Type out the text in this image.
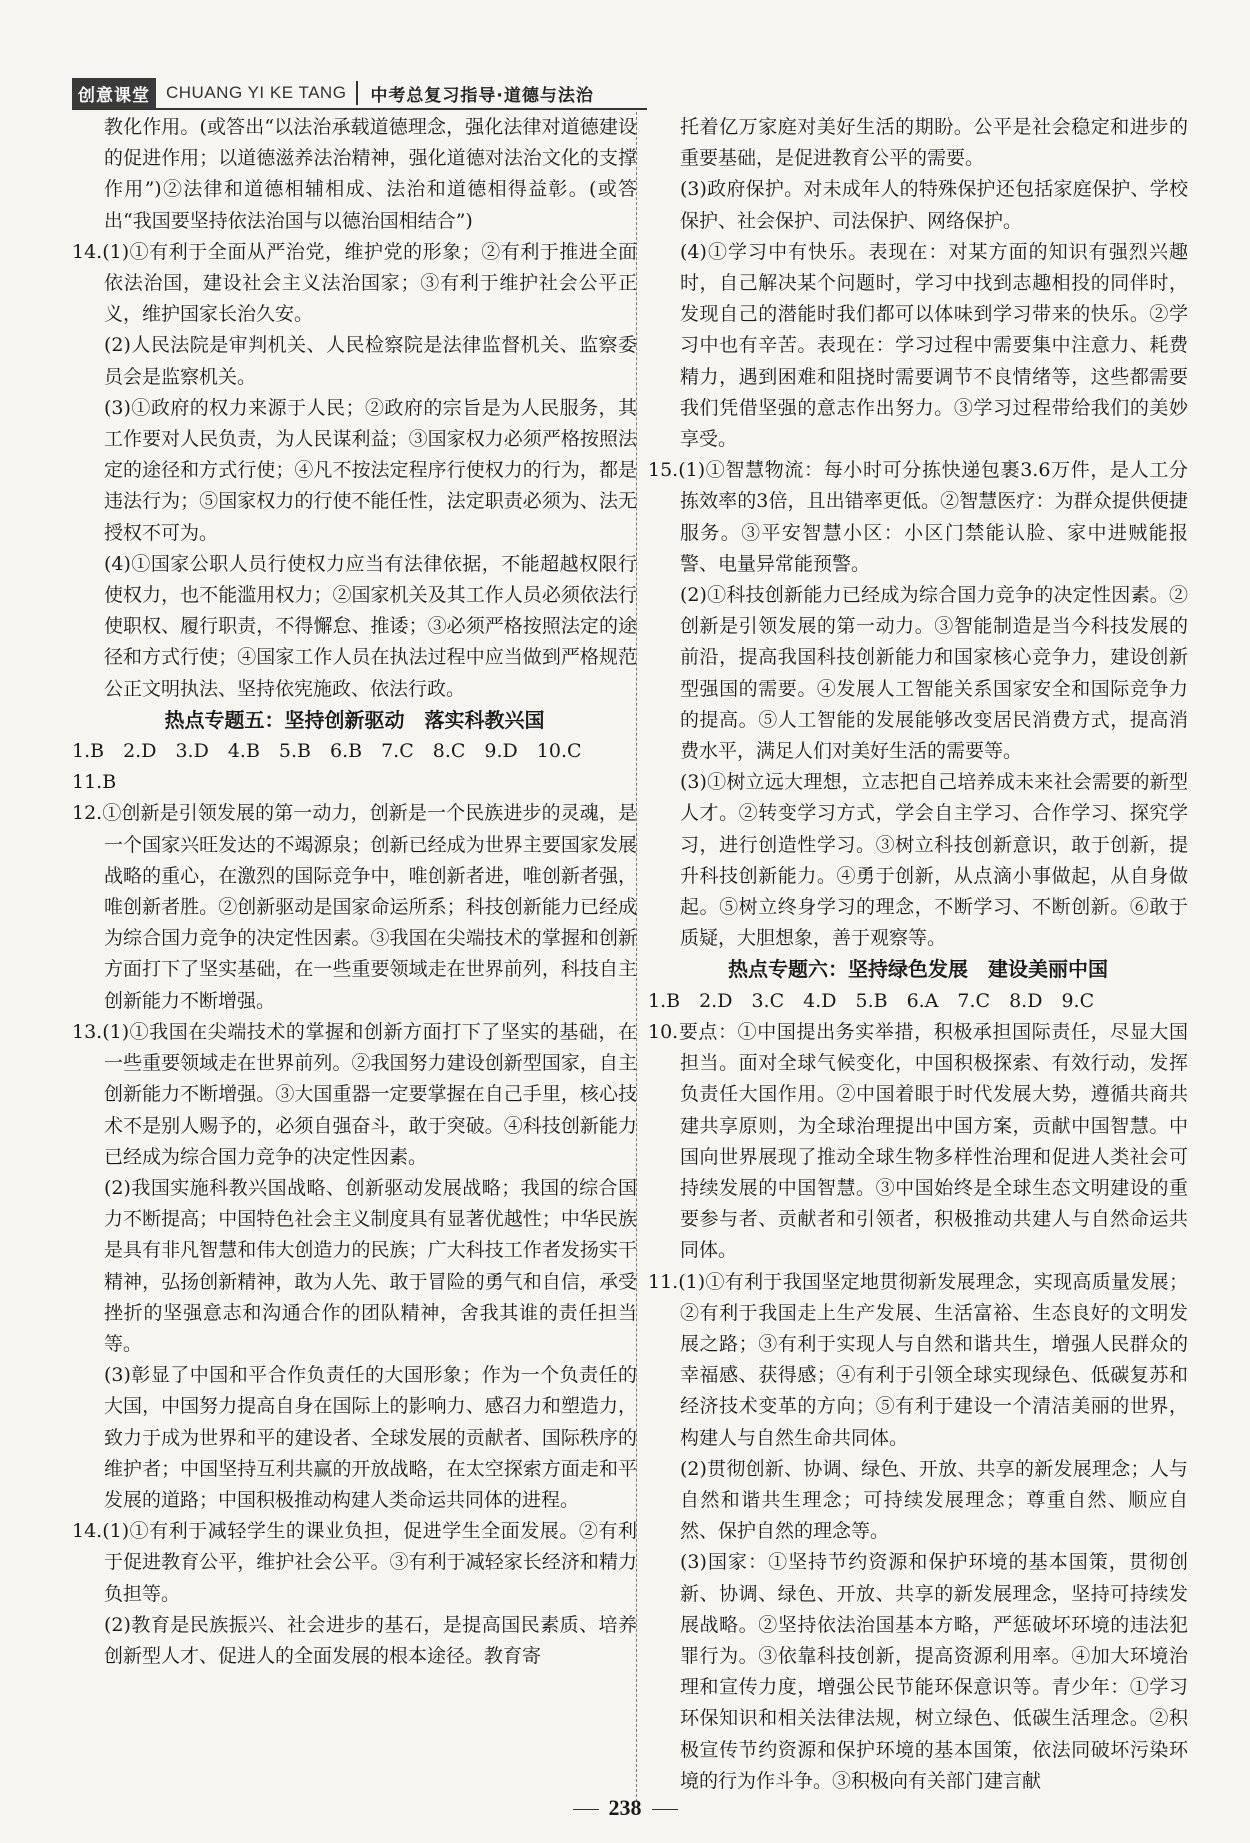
创意课堂 CHUANG YI KE TANG	中考总复习指导·道德与法治

教化作用。(或答出“以法治承载道德理念，强化法律对道德建设的促进作用；以道德滋养法治精神，强化道德对法治文化的支撑作用”)②法律和道德相辅相成、法治和道德相得益彰。(或答出“我国要坚持依法治国与以德治国相结合”)

14.(1)①有利于全面从严治党，维护党的形象；②有利于推进全面依法治国，建设社会主义法治国家；③有利于维护社会公平正义，维护国家长治久安。

(2)人民法院是审判机关、人民检察院是法律监督机关、监察委员会是监察机关。

(3)①政府的权力来源于人民；②政府的宗旨是为人民服务，其工作要对人民负责，为人民谋利益；③国家权力必须严格按照法定的途径和方式行使；④凡不按法定程序行使权力的行为，都是违法行为；⑤国家权力的行使不能任性，法定职责必须为、法无授权不可为。

(4)①国家公职人员行使权力应当有法律依据，不能超越权限行使权力，也不能滥用权力；②国家机关及其工作人员必须依法行使职权、履行职责，不得懈怠、推诿；③必须严格按照法定的途径和方式行使；④国家工作人员在执法过程中应当做到严格规范公正文明执法、坚持依宪施政、依法行政。

热点专题五：坚持创新驱动　落实科教兴国

1.B　2.D　3.D　4.B　5.B　6.B　7.C　8.C　9.D　10.C

11.B

12.①创新是引领发展的第一动力，创新是一个民族进步的灵魂，是一个国家兴旺发达的不竭源泉；创新已经成为世界主要国家发展战略的重心，在激烈的国际竞争中，唯创新者进，唯创新者强，唯创新者胜。②创新驱动是国家命运所系；科技创新能力已经成为综合国力竞争的决定性因素。③我国在尖端技术的掌握和创新方面打下了坚实基础，在一些重要领域走在世界前列，科技自主创新能力不断增强。

13.(1)①我国在尖端技术的掌握和创新方面打下了坚实的基础，在一些重要领域走在世界前列。②我国努力建设创新型国家，自主创新能力不断增强。③大国重器一定要掌握在自己手里，核心技术不是别人赐予的，必须自强奋斗，敢于突破。④科技创新能力已经成为综合国力竞争的决定性因素。

(2)我国实施科教兴国战略、创新驱动发展战略；我国的综合国力不断提高；中国特色社会主义制度具有显著优越性；中华民族是具有非凡智慧和伟大创造力的民族；广大科技工作者发扬实干精神，弘扬创新精神，敢为人先、敢于冒险的勇气和自信，承受挫折的坚强意志和沟通合作的团队精神，舍我其谁的责任担当等。

(3)彰显了中国和平合作负责任的大国形象；作为一个负责任的大国，中国努力提高自身在国际上的影响力、感召力和塑造力，致力于成为世界和平的建设者、全球发展的贡献者、国际秩序的维护者；中国坚持互利共赢的开放战略，在太空探索方面走和平发展的道路；中国积极推动构建人类命运共同体的进程。

14.(1)①有利于减轻学生的课业负担，促进学生全面发展。②有利于促进教育公平，维护社会公平。③有利于减轻家长经济和精力负担等。

(2)教育是民族振兴、社会进步的基石，是提高国民素质、培养创新型人才、促进人的全面发展的根本途径。教育寄

托着亿万家庭对美好生活的期盼。公平是社会稳定和进步的重要基础，是促进教育公平的需要。

(3)政府保护。对未成年人的特殊保护还包括家庭保护、学校保护、社会保护、司法保护、网络保护。

(4)①学习中有快乐。表现在：对某方面的知识有强烈兴趣时，自己解决某个问题时，学习中找到志趣相投的同伴时，发现自己的潜能时我们都可以体味到学习带来的快乐。②学习中也有辛苦。表现在：学习过程中需要集中注意力、耗费精力，遇到困难和阻挠时需要调节不良情绪等，这些都需要我们凭借坚强的意志作出努力。③学习过程带给我们的美妙享受。

15.(1)①智慧物流：每小时可分拣快递包裹3.6万件，是人工分拣效率的3倍，且出错率更低。②智慧医疗：为群众提供便捷服务。③平安智慧小区：小区门禁能认脸、家中进贼能报警、电量异常能预警。

(2)①科技创新能力已经成为综合国力竞争的决定性因素。②创新是引领发展的第一动力。③智能制造是当今科技发展的前沿，提高我国科技创新能力和国家核心竞争力，建设创新型强国的需要。④发展人工智能关系国家安全和国际竞争力的提高。⑤人工智能的发展能够改变居民消费方式，提高消费水平，满足人们对美好生活的需要等。

(3)①树立远大理想，立志把自己培养成未来社会需要的新型人才。②转变学习方式，学会自主学习、合作学习、探究学习，进行创造性学习。③树立科技创新意识，敢于创新，提升科技创新能力。④勇于创新，从点滴小事做起，从自身做起。⑤树立终身学习的理念，不断学习、不断创新。⑥敢于质疑，大胆想象，善于观察等。

热点专题六：坚持绿色发展　建设美丽中国

1.B　2.D　3.C　4.D　5.B　6.A　7.C　8.D　9.C

10.要点：①中国提出务实举措，积极承担国际责任，尽显大国担当。面对全球气候变化，中国积极探索、有效行动，发挥负责任大国作用。②中国着眼于时代发展大势，遵循共商共建共享原则，为全球治理提出中国方案，贡献中国智慧。中国向世界展现了推动全球生物多样性治理和促进人类社会可持续发展的中国智慧。③中国始终是全球生态文明建设的重要参与者、贡献者和引领者，积极推动共建人与自然命运共同体。

11.(1)①有利于我国坚定地贯彻新发展理念，实现高质量发展；②有利于我国走上生产发展、生活富裕、生态良好的文明发展之路；③有利于实现人与自然和谐共生，增强人民群众的幸福感、获得感；④有利于引领全球实现绿色、低碳复苏和经济技术变革的方向；⑤有利于建设一个清洁美丽的世界，构建人与自然生命共同体。

(2)贯彻创新、协调、绿色、开放、共享的新发展理念；人与自然和谐共生理念；可持续发展理念；尊重自然、顺应自然、保护自然的理念等。

(3)国家：①坚持节约资源和保护环境的基本国策，贯彻创新、协调、绿色、开放、共享的新发展理念，坚持可持续发展战略。②坚持依法治国基本方略，严惩破坏环境的违法犯罪行为。③依靠科技创新，提高资源利用率。④加大环境治理和宣传力度，增强公民节能环保意识等。青少年：①学习环保知识和相关法律法规，树立绿色、低碳生活理念。②积极宣传节约资源和保护环境的基本国策，依法同破坏污染环境的行为作斗争。③积极向有关部门建言献

238
